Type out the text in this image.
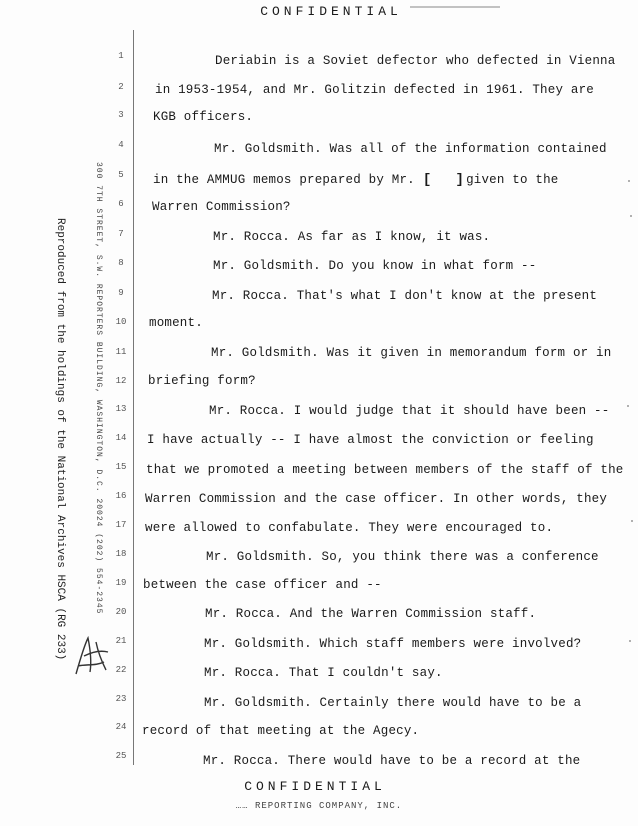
CONFIDENTIAL
Reproduced from the holdings of the National Archives HSCA (RG 233)	300 7TH STREET, S.W. REPORTERS BUILDING, WASHINGTON, D.C. 20024 (202) 554-2345
1
2
3
4
5
6
7
8
9
10
11
12
13
14
15
16
17
18
19
20
21
22
23
24
25
Deriabin is a Soviet defector who defected in Vienna
in 1953-1954, and Mr. Golitzin defected in 1961. They are
KGB officers.
Mr. Goldsmith. Was all of the information contained
in the AMMUG memos prepared by Mr. [ ] given to the
Warren Commission?
Mr. Rocca. As far as I know, it was.
Mr. Goldsmith. Do you know in what form --
Mr. Rocca. That's what I don't know at the present
moment.
Mr. Goldsmith. Was it given in memorandum form or in
briefing form?
Mr. Rocca. I would judge that it should have been --
I have actually -- I have almost the conviction or feeling
that we promoted a meeting between members of the staff of the
Warren Commission and the case officer. In other words, they
were allowed to confabulate. They were encouraged to.
Mr. Goldsmith. So, you think there was a conference
between the case officer and --
Mr. Rocca. And the Warren Commission staff.
Mr. Goldsmith. Which staff members were involved?
Mr. Rocca. That I couldn't say.
Mr. Goldsmith. Certainly there would have to be a
record of that meeting at the Agecy.
Mr. Rocca. There would have to be a record at the
CONFIDENTIAL
…… REPORTING COMPANY, INC.
